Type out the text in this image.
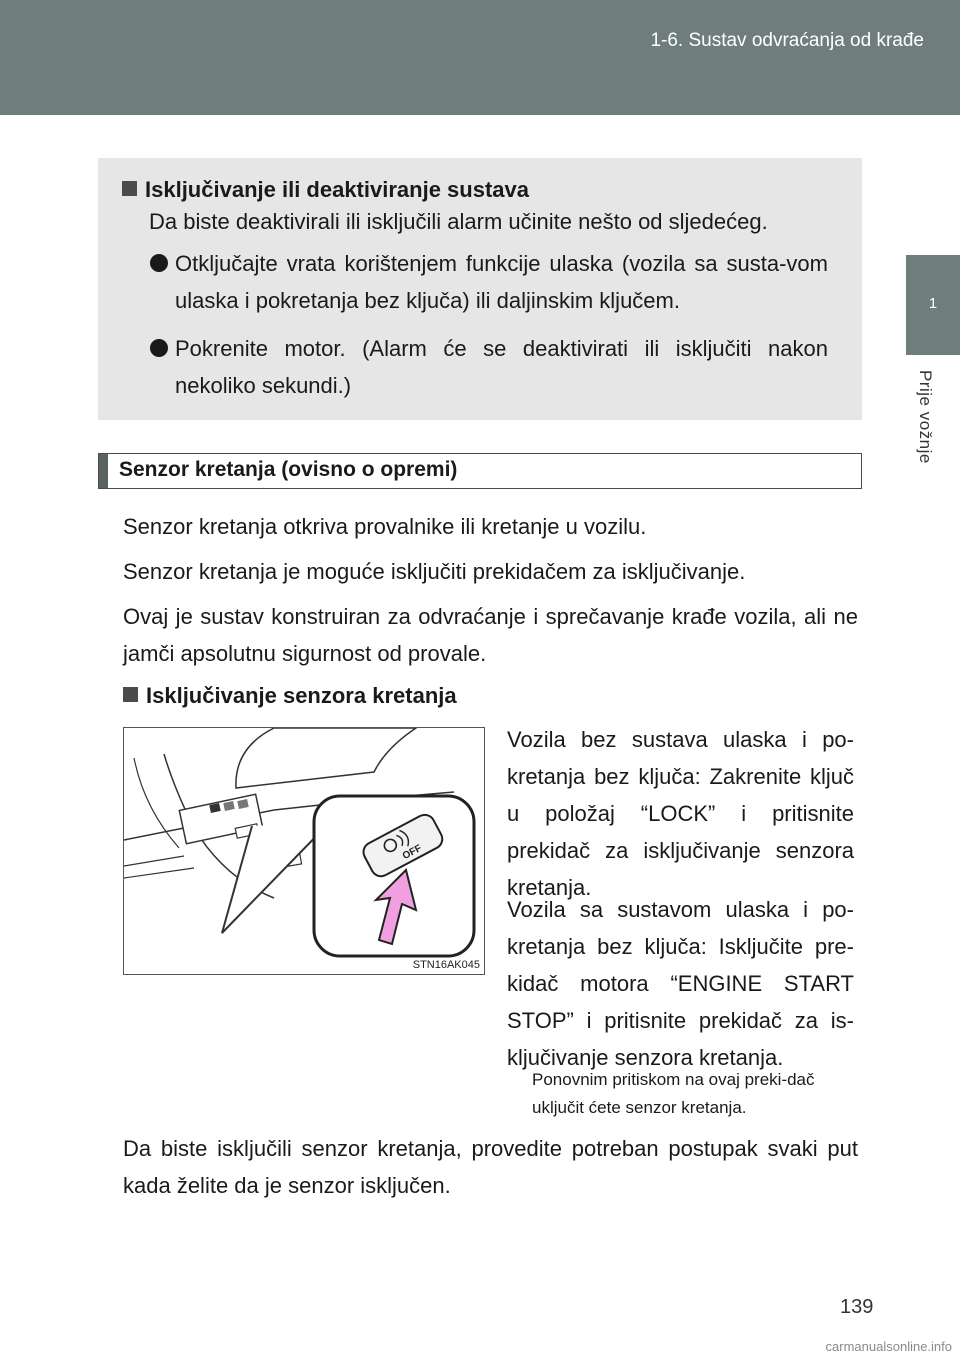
1-6. Sustav odvraćanja od krađe
1
Prije vožnje
Isključivanje ili deaktiviranje sustava
Da biste deaktivirali ili isključili alarm učinite nešto od sljedećeg.
Otključajte vrata korištenjem funkcije ulaska (vozila sa susta-vom ulaska i pokretanja bez ključa) ili daljinskim ključem.
Pokrenite motor. (Alarm će se deaktivirati ili isključiti nakon nekoliko sekundi.)
Senzor kretanja (ovisno o opremi)
Senzor kretanja otkriva provalnike ili kretanje u vozilu.
Senzor kretanja je moguće isključiti prekidačem za isključivanje.
Ovaj je sustav konstruiran za odvraćanje i sprečavanje krađe vozila, ali ne jamči apsolutnu sigurnost od provale.
Isključivanje senzora kretanja
OFF
STN16AK045
Vozila bez sustava ulaska i po-kretanja bez ključa: Zakrenite ključ u položaj “LOCK” i pritisnite prekidač za isključivanje senzora kretanja.
Vozila sa sustavom ulaska i po-kretanja bez ključa: Isključite pre-kidač motora “ENGINE START STOP” i pritisnite prekidač za is-ključivanje senzora kretanja.
Ponovnim pritiskom na ovaj preki-dač uključit ćete senzor kretanja.
Da biste isključili senzor kretanja, provedite potreban postupak svaki put kada želite da je senzor isključen.
139
carmanualsonline.info
